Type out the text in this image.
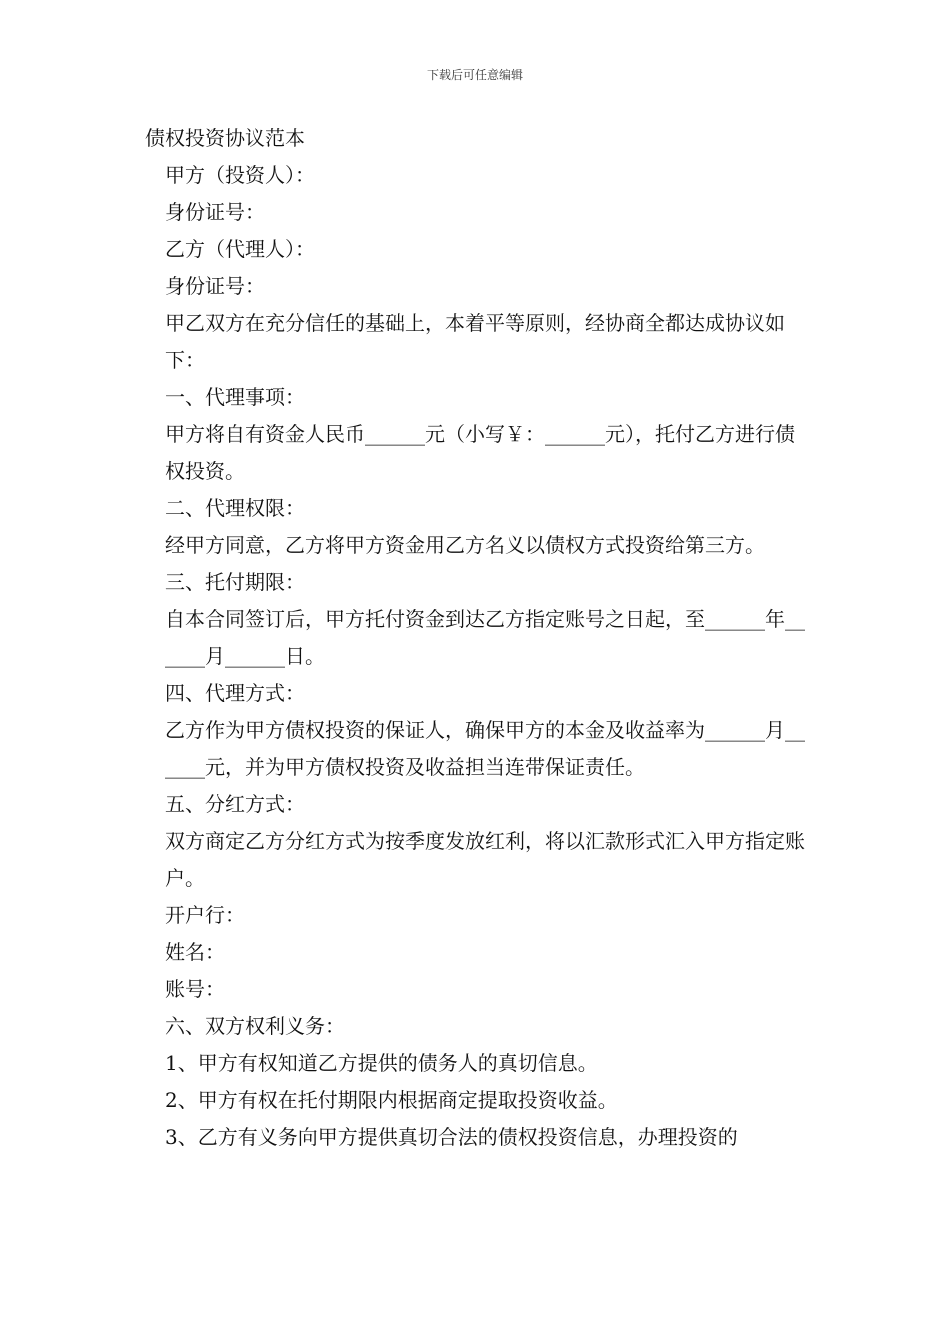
下载后可任意编辑

债权投资协议范本

甲方（投资人）：

身份证号：

乙方（代理人）：

身份证号：

甲乙双方在充分信任的基础上，本着平等原则，经协商全都达成协议如下：

一、代理事项：

甲方将自有资金人民币______元（小写￥：______元），托付乙方进行债权投资。

二、代理权限：

经甲方同意，乙方将甲方资金用乙方名义以债权方式投资给第三方。

三、托付期限：

自本合同签订后，甲方托付资金到达乙方指定账号之日起，至______年______月______日。

四、代理方式：

乙方作为甲方债权投资的保证人，确保甲方的本金及收益率为______月______元，并为甲方债权投资及收益担当连带保证责任。

五、分红方式：

双方商定乙方分红方式为按季度发放红利，将以汇款形式汇入甲方指定账户。

开户行：

姓名：

账号：

六、双方权利义务：

1、甲方有权知道乙方提供的债务人的真切信息。

2、甲方有权在托付期限内根据商定提取投资收益。

3、乙方有义务向甲方提供真切合法的债权投资信息，办理投资的
